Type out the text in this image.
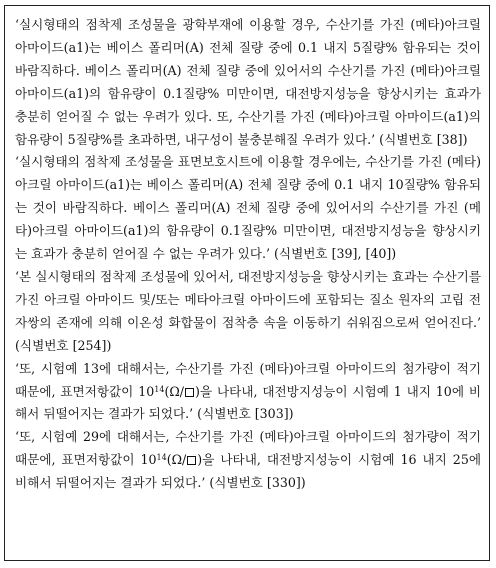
‘실시형태의 점착제 조성물을 광학부재에 이용할 경우, 수산기를 가진 (메타)아크릴 아마이드(a1)는 베이스 폴리머(A) 전체 질량 중에 0.1 내지 5질량% 함유되는 것이 바람직하다. 베이스 폴리머(A) 전체 질량 중에 있어서의 수산기를 가진 (메타)아크릴 아마이드(a1)의 함유량이 0.1질량% 미만이면, 대전방지성능을 향상시키는 효과가 충분히 얻어질 수 없는 우려가 있다. 또, 수산기를 가진 (메타)아크릴 아마이드(a1)의 함유량이 5질량%를 초과하면, 내구성이 불충분해질 우려가 있다.’ (식별번호 [38])

‘실시형태의 점착제 조성물을 표면보호시트에 이용할 경우에는, 수산기를 가진 (메타)아크릴 아마이드(a1)는 베이스 폴리머(A) 전체 질량 중에 0.1 내지 10질량% 함유되는 것이 바람직하다. 베이스 폴리머(A) 전체 질량 중에 있어서의 수산기를 가진 (메타)아크릴 아마이드(a1)의 함유량이 0.1질량% 미만이면, 대전방지성능을 향상시키는 효과가 충분히 얻어질 수 없는 우려가 있다.’ (식별번호 [39], [40])

‘본 실시형태의 점착제 조성물에 있어서, 대전방지성능을 향상시키는 효과는 수산기를 가진 아크릴 아마이드 및/또는 메타아크릴 아마이드에 포함되는 질소 원자의 고립 전자쌍의 존재에 의해 이온성 화합물이 점착층 속을 이동하기 쉬워짐으로써 얻어진다.’ (식별번호 [254])

‘또, 시험예 13에 대해서는, 수산기를 가진 (메타)아크릴 아마이드의 첨가량이 적기 때문에, 표면저항값이 $10^{14}(\Omega/$ )을 나타내, 대전방지성능이 시험예 1 내지 10에 비해서 뒤떨어지는 결과가 되었다.’ (식별번호 [303])

‘또, 시험예 29에 대해서는, 수산기를 가진 (메타)아크릴 아마이드의 첨가량이 적기 때문에, 표면저항값이 $10^{14}(\Omega/$ )을 나타내, 대전방지성능이 시험예 16 내지 25에 비해서 뒤떨어지는 결과가 되었다.’ (식별번호 [330])
